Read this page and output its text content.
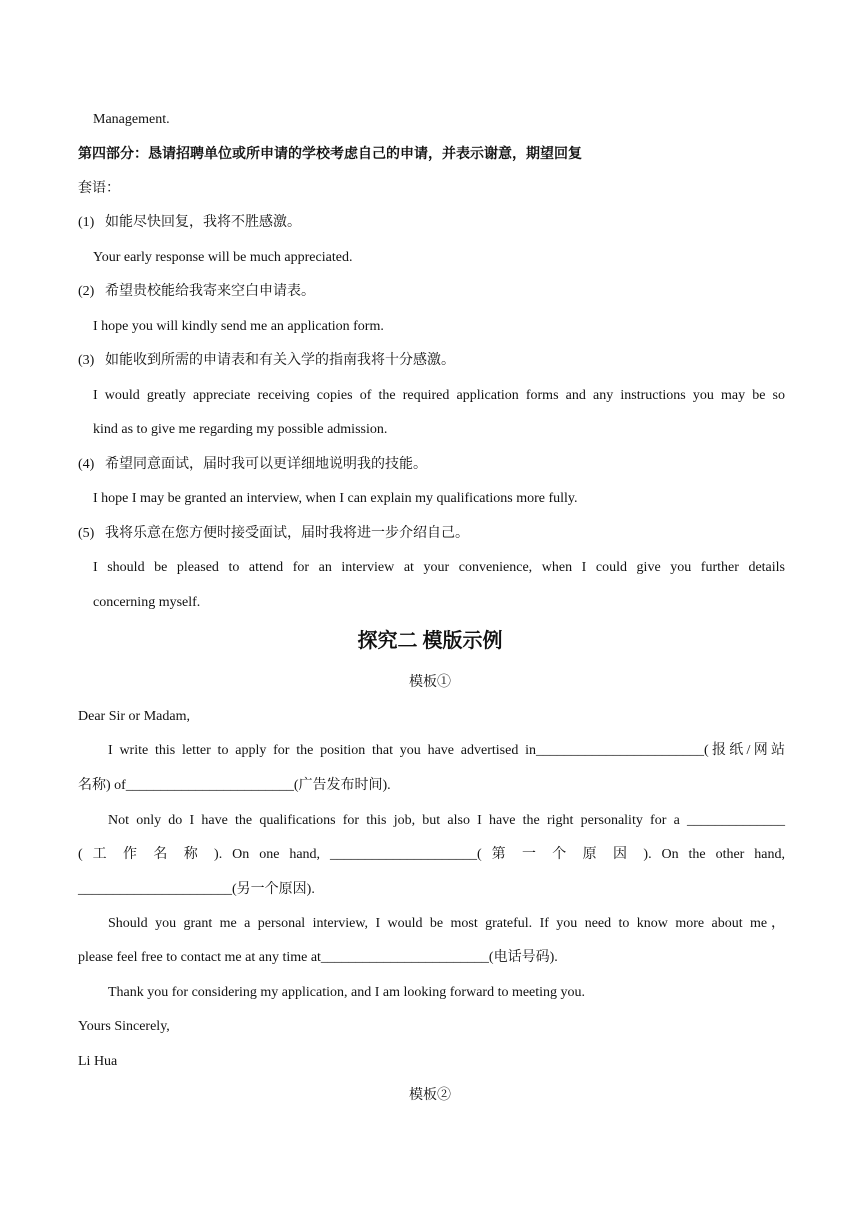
Management.
第四部分：恳请招聘单位或所申请的学校考虑自己的申请，并表示谢意，期望回复
套语：
(1) 如能尽快回复，我将不胜感激。
Your early response will be much appreciated.
(2) 希望贵校能给我寄来空白申请表。
I hope you will kindly send me an application form.
(3) 如能收到所需的申请表和有关入学的指南我将十分感激。
I would greatly appreciate receiving copies of the required application forms and any instructions you may be so
kind as to give me regarding my possible admission.
(4) 希望同意面试，届时我可以更详细地说明我的技能。
I hope I may be granted an interview, when I can explain my qualifications more fully.
(5) 我将乐意在您方便时接受面试，届时我将进一步介绍自己。
I should be pleased to attend for an interview at your convenience, when I could give you further details
concerning myself.
探究二 模版示例
模板①
Dear Sir or Madam,
I write this letter to apply for the position that you have advertised in________________________(报纸/网站
名称) of________________________(广告发布时间).
Not only do I have the qualifications for this job, but also I have the right personality for a ______________
( 工 作 名 称 ). On one hand, _____________________( 第 一 个 原 因 ). On the other hand,
______________________(另一个原因).
Should you grant me a personal interview, I would be most grateful. If you need to know more about me，
please feel free to contact me at any time at________________________(电话号码).
Thank you for considering my application, and I am looking forward to meeting you.
Yours Sincerely,
Li Hua
模板②
